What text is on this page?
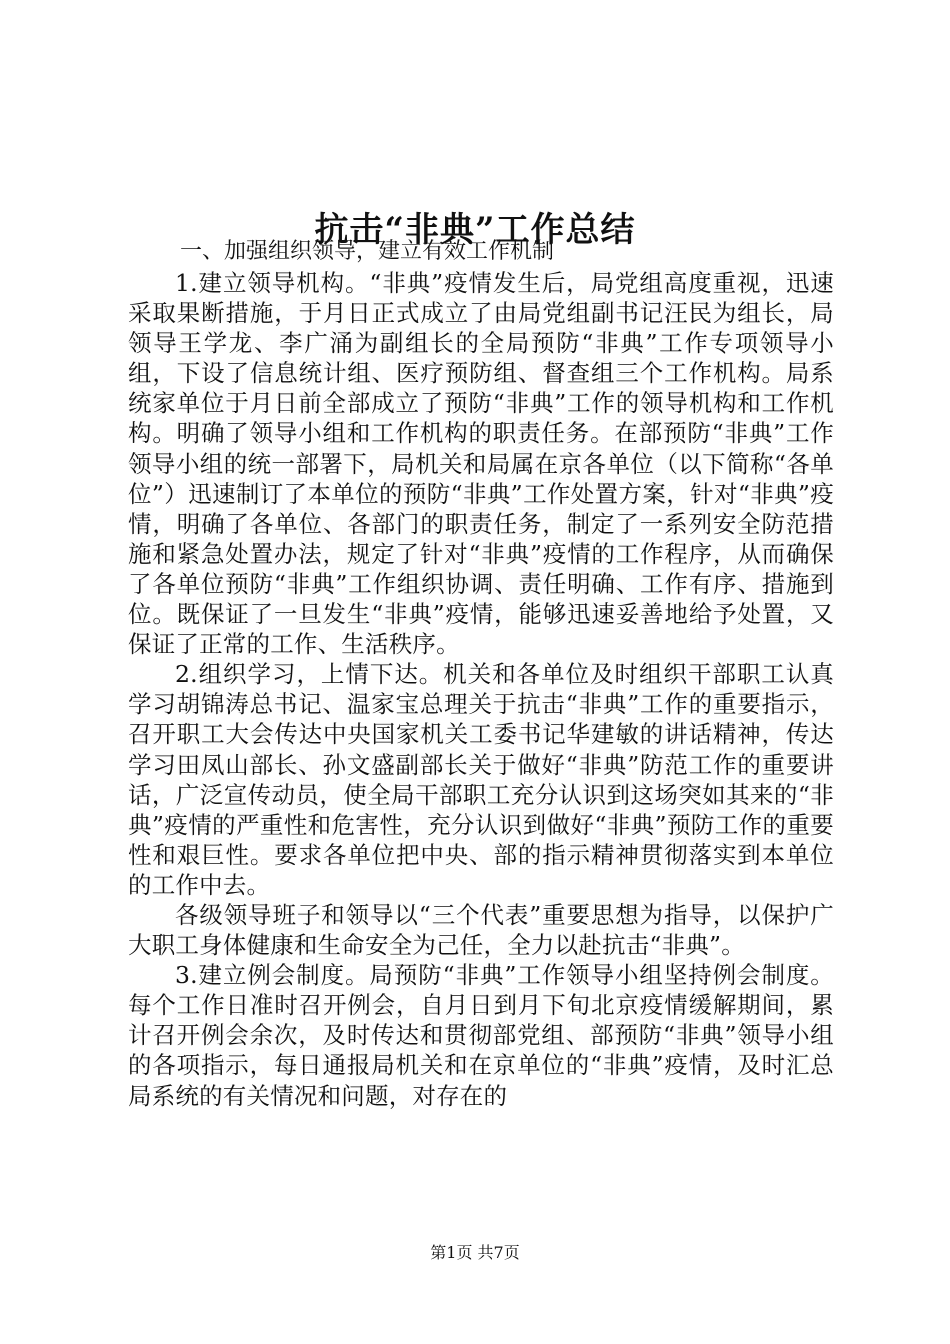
抗击“非典”工作总结
一、加强组织领导，建立有效工作机制

1.建立领导机构。“非典”疫情发生后，局党组高度重视，迅速采取果断措施，于月日正式成立了由局党组副书记汪民为组长，局领导王学龙、李广涌为副组长的全局预防“非典”工作专项领导小组，下设了信息统计组、医疗预防组、督查组三个工作机构。局系统家单位于月日前全部成立了预防“非典”工作的领导机构和工作机构。明确了领导小组和工作机构的职责任务。在部预防“非典”工作领导小组的统一部署下，局机关和局属在京各单位（以下简称“各单位”）迅速制订了本单位的预防“非典”工作处置方案，针对“非典”疫情，明确了各单位、各部门的职责任务，制定了一系列安全防范措施和紧急处置办法，规定了针对“非典”疫情的工作程序，从而确保了各单位预防“非典”工作组织协调、责任明确、工作有序、措施到位。既保证了一旦发生“非典”疫情，能够迅速妥善地给予处置，又保证了正常的工作、生活秩序。

2.组织学习，上情下达。机关和各单位及时组织干部职工认真学习胡锦涛总书记、温家宝总理关于抗击“非典”工作的重要指示，召开职工大会传达中央国家机关工委书记华建敏的讲话精神，传达学习田凤山部长、孙文盛副部长关于做好“非典”防范工作的重要讲话，广泛宣传动员，使全局干部职工充分认识到这场突如其来的“非典”疫情的严重性和危害性，充分认识到做好“非典”预防工作的重要性和艰巨性。要求各单位把中央、部的指示精神贯彻落实到本单位的工作中去。

各级领导班子和领导以“三个代表”重要思想为指导，以保护广大职工身体健康和生命安全为己任，全力以赴抗击“非典”。

3.建立例会制度。局预防“非典”工作领导小组坚持例会制度。每个工作日准时召开例会，自月日到月下旬北京疫情缓解期间，累计召开例会余次，及时传达和贯彻部党组、部预防“非典”领导小组的各项指示，每日通报局机关和在京单位的“非典”疫情，及时汇总局系统的有关情况和问题，对存在的

第1页 共7页
